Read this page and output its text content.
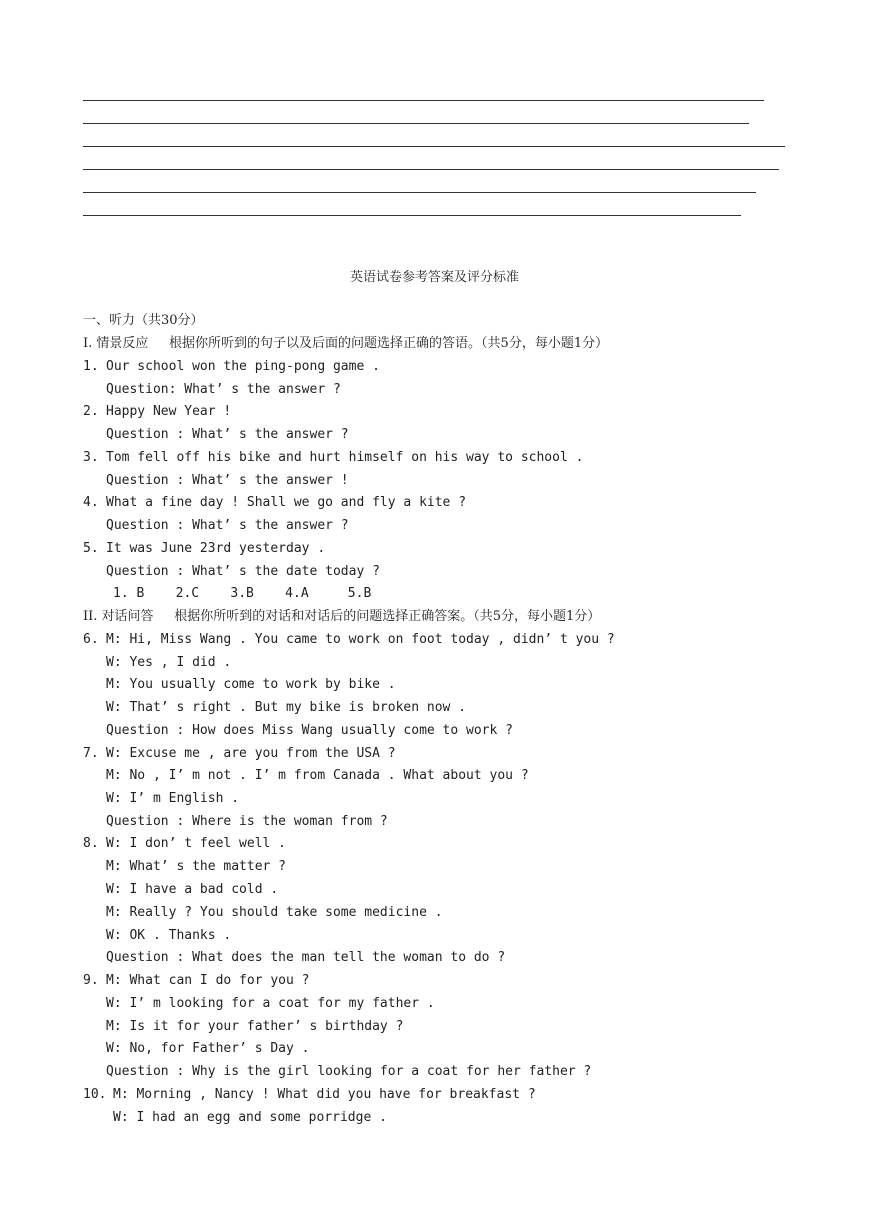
英语试卷参考答案及评分标准
一、听力（共30分）
I. 情景反应     根据你所听到的句子以及后面的问题选择正确的答语。（共5分，每小题1分）
1. Our school won the ping-pong game .
Question: What’ s the answer ?
2. Happy New Year !
Question : What’ s the answer ?
3. Tom fell off his bike and hurt himself on his way to school .
Question : What’ s the answer !
4. What a fine day ! Shall we go and fly a kite ?
Question : What’ s the answer ?
5. It was June 23rd yesterday .
Question : What’ s the date today ?
1. B    2.C    3.B    4.A     5.B
II. 对话问答     根据你所听到的对话和对话后的问题选择正确答案。（共5分，每小题1分）
6. M: Hi, Miss Wang . You came to work on foot today , didn’ t you ?
W: Yes , I did .
M: You usually come to work by bike .
W: That’ s right . But my bike is broken now .
Question : How does Miss Wang usually come to work ?
7. W: Excuse me , are you from the USA ?
M: No , I’ m not . I’ m from Canada . What about you ?
W: I’ m English .
Question : Where is the woman from ?
8. W: I don’ t feel well .
M: What’ s the matter ?
W: I have a bad cold .
M: Really ? You should take some medicine .
W: OK . Thanks .
Question : What does the man tell the woman to do ?
9. M: What can I do for you ?
W: I’ m looking for a coat for my father .
M: Is it for your father’ s birthday ?
W: No, for Father’ s Day .
Question : Why is the girl looking for a coat for her father ?
10. M: Morning , Nancy ! What did you have for breakfast ?
W: I had an egg and some porridge .
